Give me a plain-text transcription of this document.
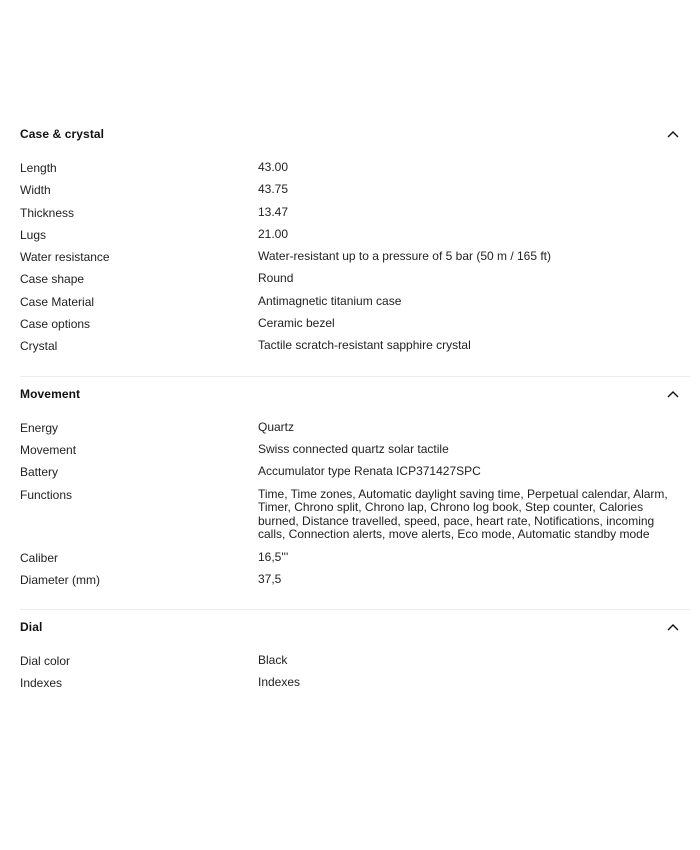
Case & crystal
Length	43.00
Width	43.75
Thickness	13.47
Lugs	21.00
Water resistance	Water-resistant up to a pressure of 5 bar (50 m / 165 ft)
Case shape	Round
Case Material	Antimagnetic titanium case
Case options	Ceramic bezel
Crystal	Tactile scratch-resistant sapphire crystal
Movement
Energy	Quartz
Movement	Swiss connected quartz solar tactile
Battery	Accumulator type Renata ICP371427SPC
Functions	Time, Time zones, Automatic daylight saving time, Perpetual calendar, Alarm, Timer, Chrono split, Chrono lap, Chrono log book, Step counter, Calories burned, Distance travelled, speed, pace, heart rate, Notifications, incoming calls, Connection alerts, move alerts, Eco mode, Automatic standby mode
Caliber	16,5'''
Diameter (mm)	37,5
Dial
Dial color	Black
Indexes	Indexes
